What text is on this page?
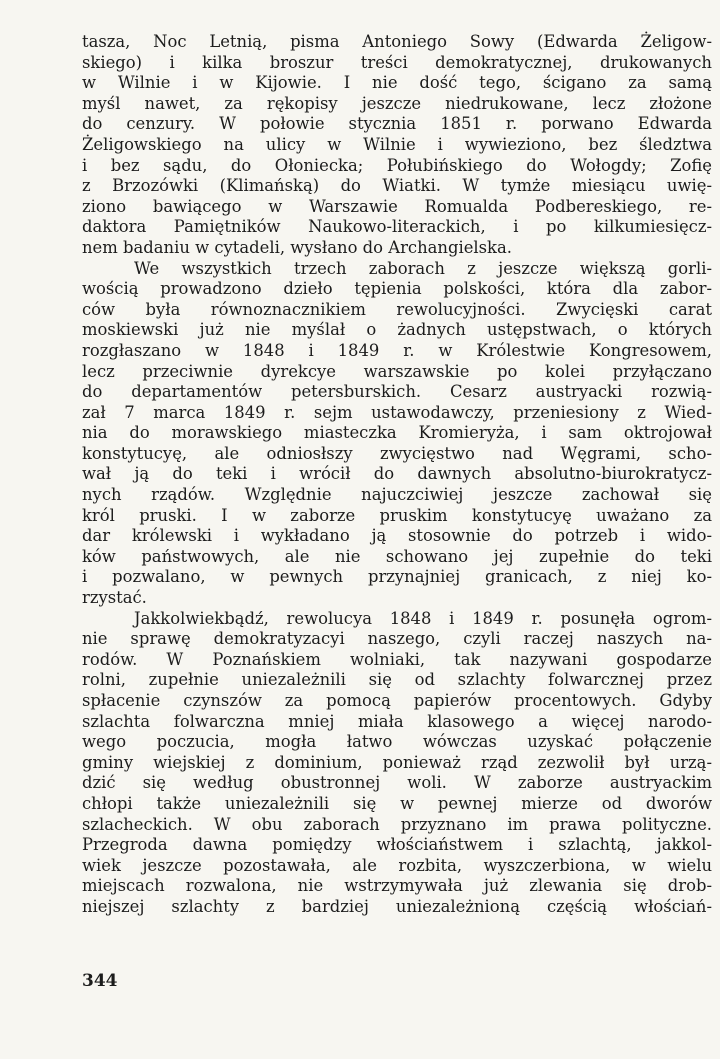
tasza, Noc Letnią, pisma Antoniego Sowy (Edwarda Żeligow-
skiego) i kilka broszur treści demokratycznej, drukowanych
w Wilnie i w Kijowie. I nie dość tego, ścigano za samą
myśl nawet, za rękopisy jeszcze niedrukowane, lecz złożone
do cenzury. W połowie stycznia 1851 r. porwano Edwarda
Żeligowskiego na ulicy w Wilnie i wywieziono, bez śledztwa
i bez sądu, do Ołoniecka; Połubińskiego do Wołogdy; Zofię
z Brzozówki (Klimańską) do Wiatki. W tymże miesiącu uwię-
ziono bawiącego w Warszawie Romualda Podbereskiego, re-
daktora Pamiętników Naukowo-literackich, i po kilkumiesięcz-
nem badaniu w cytadeli, wysłano do Archangielska.
We wszystkich trzech zaborach z jeszcze większą gorli-
wością prowadzono dzieło tępienia polskości, która dla zabor-
ców była równoznacznikiem rewolucyjności. Zwycięski carat
moskiewski już nie myślał o żadnych ustępstwach, o których
rozgłaszano w 1848 i 1849 r. w Królestwie Kongresowem,
lecz przeciwnie dyrekcye warszawskie po kolei przyłączano
do departamentów petersburskich. Cesarz austryacki rozwią-
zał 7 marca 1849 r. sejm ustawodawczy, przeniesiony z Wied-
nia do morawskiego miasteczka Kromieryża, i sam oktrojował
konstytucyę, ale odniosłszy zwycięstwo nad Węgrami, scho-
wał ją do teki i wrócił do dawnych absolutno-biurokratycz-
nych rządów. Względnie najuczciwiej jeszcze zachował się
król pruski. I w zaborze pruskim konstytucyę uważano za
dar królewski i wykładano ją stosownie do potrzeb i wido-
ków państwowych, ale nie schowano jej zupełnie do teki
i pozwalano, w pewnych przynajniej granicach, z niej ko-
rzystać.
Jakkolwiekbądź, rewolucya 1848 i 1849 r. posunęła ogrom-
nie sprawę demokratyzacyi naszego, czyli raczej naszych na-
rodów. W Poznańskiem wolniaki, tak nazywani gospodarze
rolni, zupełnie uniezależnili się od szlachty folwarcznej przez
spłacenie czynszów za pomocą papierów procentowych. Gdyby
szlachta folwarczna mniej miała klasowego a więcej narodo-
wego poczucia, mogła łatwo wówczas uzyskać połączenie
gminy wiejskiej z dominium, ponieważ rząd zezwolił był urzą-
dzić się według obustronnej woli. W zaborze austryackim
chłopi także uniezależnili się w pewnej mierze od dworów
szlacheckich. W obu zaborach przyznano im prawa polityczne.
Przegroda dawna pomiędzy włościaństwem i szlachtą, jakkol-
wiek jeszcze pozostawała, ale rozbita, wyszczerbiona, w wielu
miejscach rozwalona, nie wstrzymywała już zlewania się drob-
niejszej szlachty z bardziej uniezależnioną częścią włościań-
344
